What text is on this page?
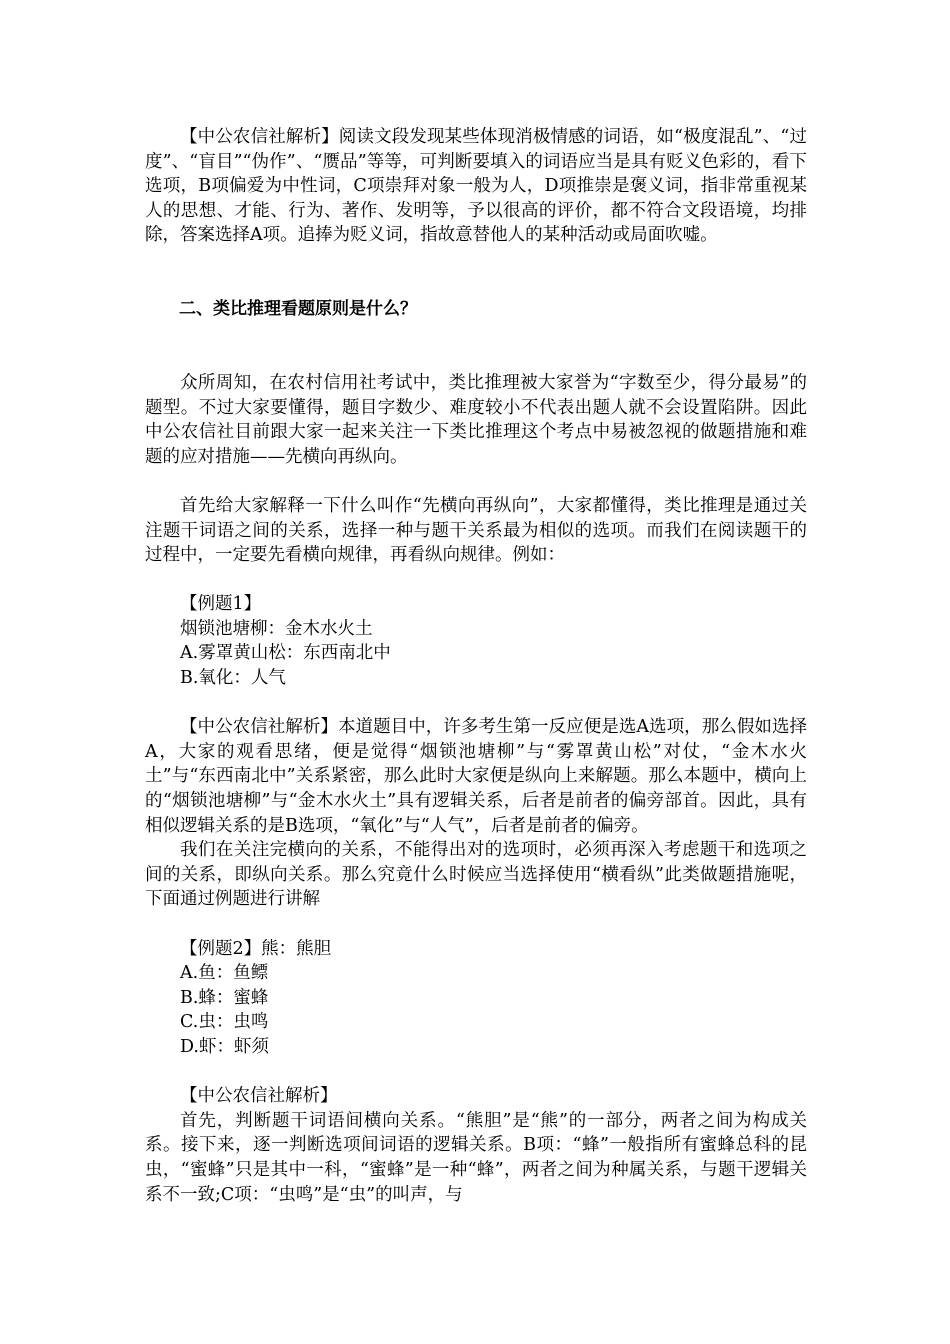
【中公农信社解析】阅读文段发现某些体现消极情感的词语，如“极度混乱”、“过度”、“盲目”“伪作”、“赝品”等等，可判断要填入的词语应当是具有贬义色彩的，看下选项，B项偏爱为中性词，C项崇拜对象一般为人，D项推崇是褒义词，指非常重视某人的思想、才能、行为、著作、发明等，予以很高的评价，都不符合文段语境，均排除，答案选择A项。追捧为贬义词，指故意替他人的某种活动或局面吹嘘。

二、类比推理看题原则是什么？

众所周知，在农村信用社考试中，类比推理被大家誉为“字数至少，得分最易”的题型。不过大家要懂得，题目字数少、难度较小不代表出题人就不会设置陷阱。因此中公农信社目前跟大家一起来关注一下类比推理这个考点中易被忽视的做题措施和难题的应对措施——先横向再纵向。

首先给大家解释一下什么叫作“先横向再纵向”，大家都懂得，类比推理是通过关注题干词语之间的关系，选择一种与题干关系最为相似的选项。而我们在阅读题干的过程中，一定要先看横向规律，再看纵向规律。例如：

【例题1】

烟锁池塘柳：金木水火土

A.雾罩黄山松：东西南北中

B.氧化：人气

【中公农信社解析】本道题目中，许多考生第一反应便是选A选项，那么假如选择A，大家的观看思绪，便是觉得“烟锁池塘柳”与“雾罩黄山松”对仗，“金木水火土”与“东西南北中”关系紧密，那么此时大家便是纵向上来解题。那么本题中，横向上的“烟锁池塘柳”与“金木水火土”具有逻辑关系，后者是前者的偏旁部首。因此，具有相似逻辑关系的是B选项，“氧化”与“人气”，后者是前者的偏旁。

我们在关注完横向的关系，不能得出对的选项时，必须再深入考虑题干和选项之间的关系，即纵向关系。那么究竟什么时候应当选择使用“横看纵”此类做题措施呢，下面通过例题进行讲解

【例题2】熊：熊胆

A.鱼：鱼鳔

B.蜂：蜜蜂

C.虫：虫鸣

D.虾：虾须

【中公农信社解析】

首先，判断题干词语间横向关系。“熊胆”是“熊”的一部分，两者之间为构成关系。接下来，逐一判断选项间词语的逻辑关系。B项：“蜂”一般指所有蜜蜂总科的昆虫，“蜜蜂”只是其中一科，“蜜蜂”是一种“蜂”，两者之间为种属关系，与题干逻辑关系不一致;C项：“虫鸣”是“虫”的叫声，与
